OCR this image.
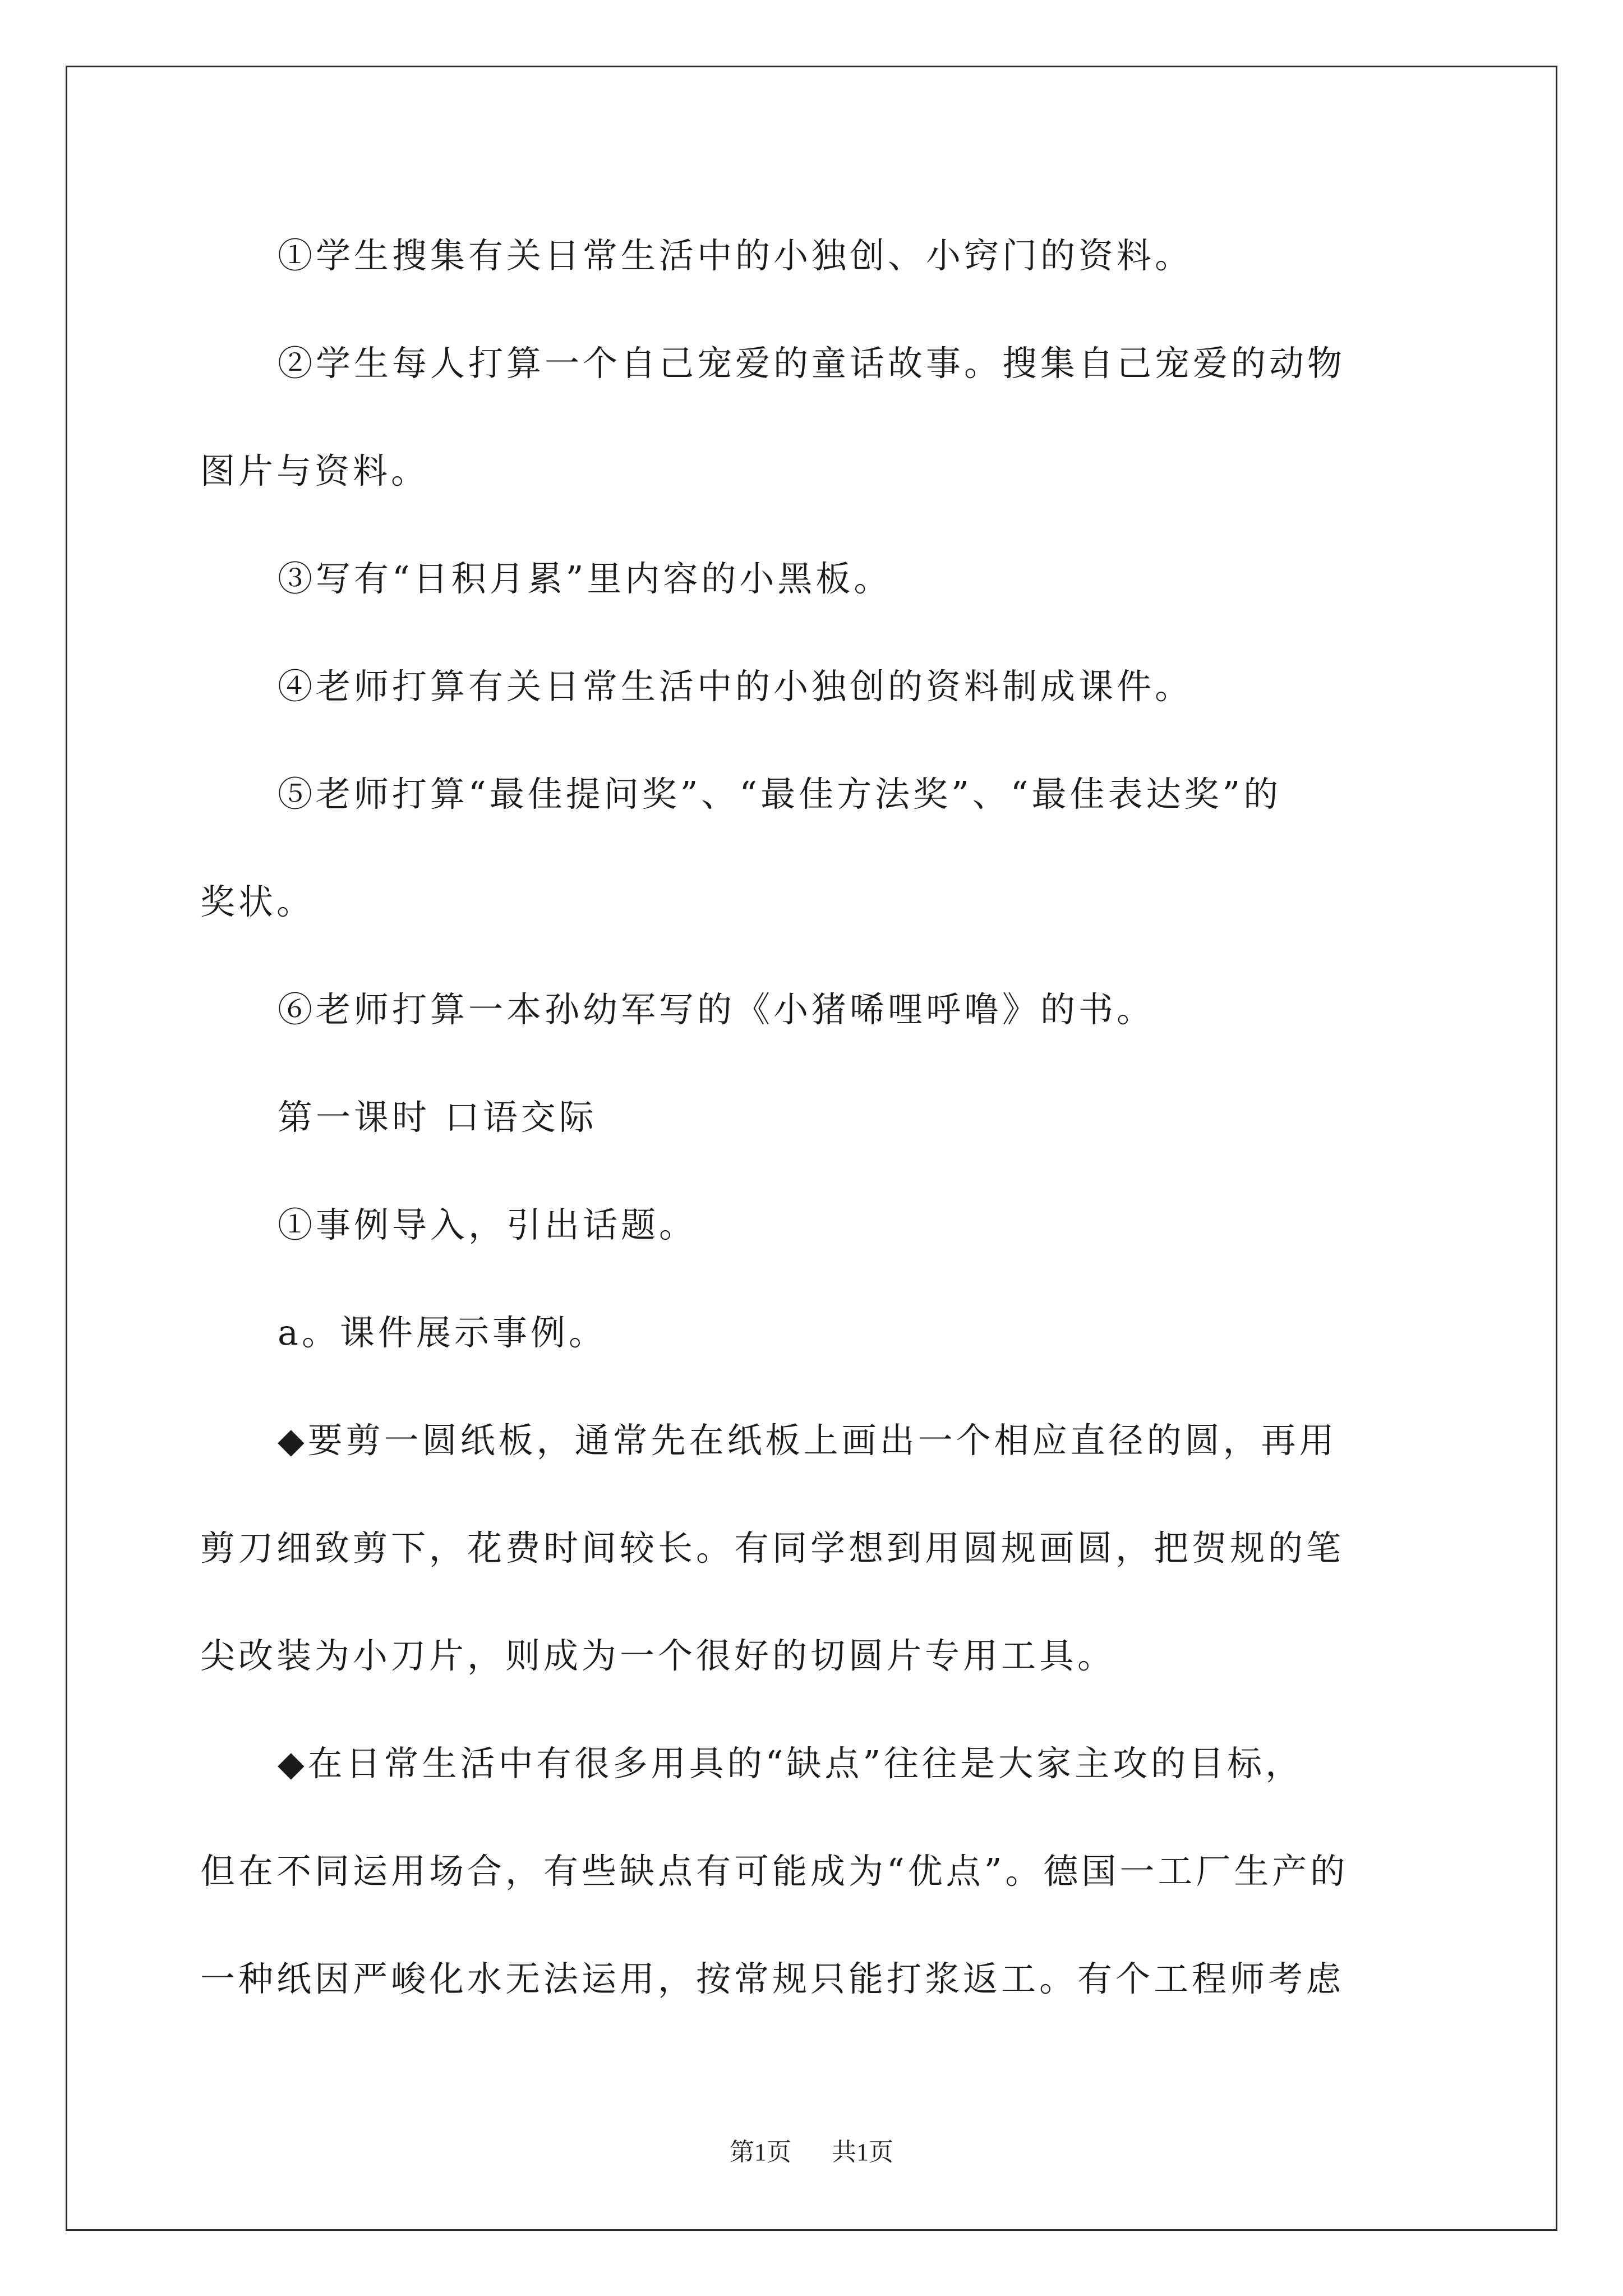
①学生搜集有关日常生活中的小独创、小窍门的资料。

②学生每人打算一个自己宠爱的童话故事。搜集自己宠爱的动物

图片与资料。

③写有“日积月累”里内容的小黑板。

④老师打算有关日常生活中的小独创的资料制成课件。

⑤老师打算“最佳提问奖”、“最佳方法奖”、“最佳表达奖”的

奖状。

⑥老师打算一本孙幼军写的《小猪唏哩呼噜》的书。

第一课时 口语交际

①事例导入，引出话题。

a。课件展示事例。

◆要剪一圆纸板，通常先在纸板上画出一个相应直径的圆，再用

剪刀细致剪下，花费时间较长。有同学想到用圆规画圆，把贺规的笔

尖改装为小刀片，则成为一个很好的切圆片专用工具。

◆在日常生活中有很多用具的“缺点”往往是大家主攻的目标，

但在不同运用场合，有些缺点有可能成为“优点”。德国一工厂生产的

一种纸因严峻化水无法运用，按常规只能打浆返工。有个工程师考虑

第1页 共1页
